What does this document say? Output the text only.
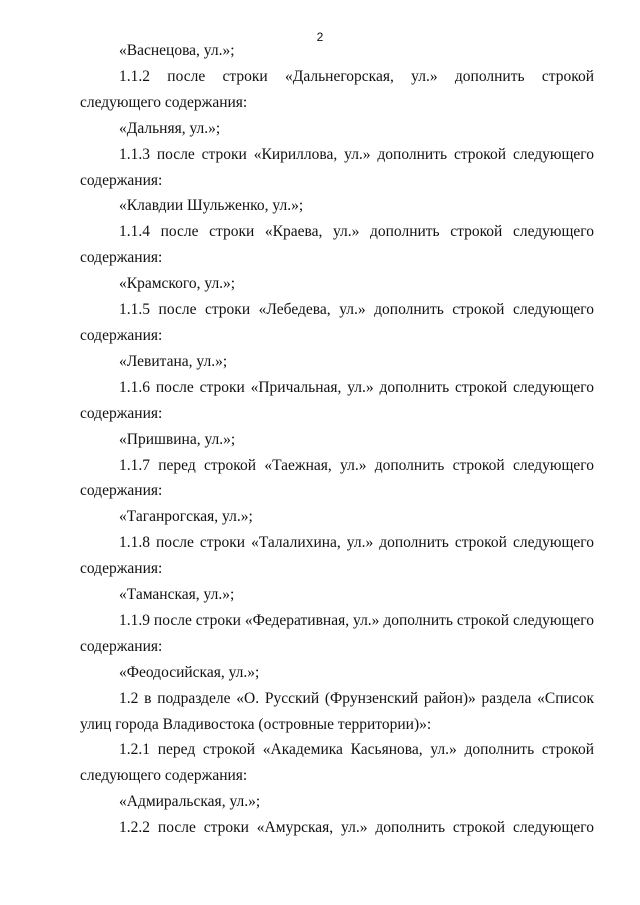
2

«Васнецова, ул.»;

1.1.2 после строки «Дальнегорская, ул.» дополнить строкой следующего содержания:

«Дальняя, ул.»;

1.1.3 после строки «Кириллова, ул.» дополнить строкой следующего содержания:

«Клавдии Шульженко, ул.»;

1.1.4 после строки «Краева, ул.» дополнить строкой следующего содержания:

«Крамского, ул.»;

1.1.5 после строки «Лебедева, ул.» дополнить строкой следующего содержания:

«Левитана, ул.»;

1.1.6 после строки «Причальная, ул.» дополнить строкой следующего содержания:

«Пришвина, ул.»;

1.1.7 перед строкой «Таежная, ул.» дополнить строкой следующего содержания:

«Таганрогская, ул.»;

1.1.8 после строки «Талалихина, ул.» дополнить строкой следующего содержания:

«Таманская, ул.»;

1.1.9 после строки «Федеративная, ул.» дополнить строкой следующего содержания:

«Феодосийская, ул.»;

1.2 в подразделе «О. Русский (Фрунзенский район)» раздела «Список улиц города Владивостока (островные территории)»:

1.2.1 перед строкой «Академика Касьянова, ул.» дополнить строкой следующего содержания:

«Адмиральская, ул.»;

1.2.2 после строки «Амурская, ул.» дополнить строкой следующего
